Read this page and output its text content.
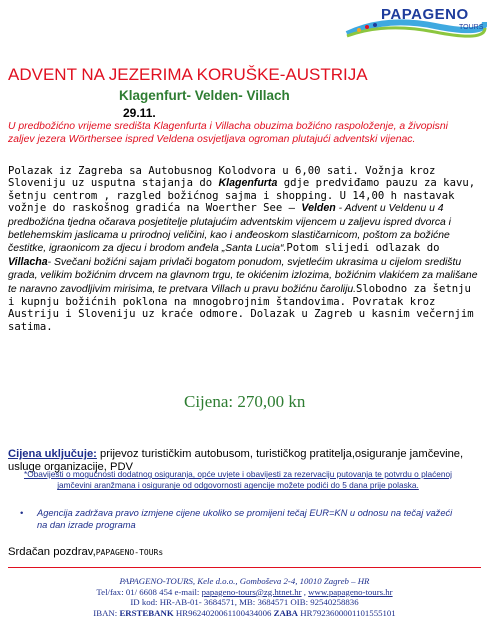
PAPAGENO
TOURS
ADVENT NA JEZERIMA KORUŠKE-AUSTRIJA
Klagenfurt- Velden- Villach
29.11.
U predbožićno vrijeme središta Klagenfurta i Villacha obuzima božićno raspoloženje, a živopisni zaljev jezera Wörthersee ispred Veldena osvjetljava ogroman plutajući adventski vijenac.

Polazak iz Zagreba sa Autobusnog Kolodvora u 6,00 sati. Vožnja kroz Sloveniju uz usputna stajanja do Klagenfurta gdje predviđamo pauzu za kavu, šetnju centrom , razgled božićnog sajma i shopping. U 14,00 h nastavak vožnje do raskošnog gradića na Woerther See – Velden - Advent u Veldenu u 4 predbožićna tjedna očarava posjetitelje plutajućim adventskim vijencem u zaljevu ispred dvorca i betlehemskim jaslicama u prirodnoj veličini, kao i anđeoskom slastičarnicom, poštom za božićne čestitke, igraonicom za djecu i brodom anđela „Santa Lucia“.Potom slijedi odlazak do Villacha- Svečani božićni sajam privlači bogatom ponudom, svjetlećim ukrasima u cijelom središtu grada, velikim božićnim drvcem na glavnom trgu, te okićenim izlozima, božićnim vlakićem za mališane te naravno zavodljivim mirisima, te pretvara Villach u pravu božićnu čaroliju.Slobodno za šetnju i kupnju božićnih poklona na mnogobrojnim štandovima. Povratak kroz Austriju i Sloveniju uz kraće odmore. Dolazak u Zagreb u kasnim večernjim satima.

Cijena: 270,00 kn
Cijena uključuje: prijevoz turističkim autobusom, turističkog pratitelja,osiguranje jamčevine, usluge organizacije, PDV
*Obavijesti o mogućnosti dodatnog osiguranja, opće uvjete i obavijesti za rezervaciju putovanja te potvrdu o plaćenoj jamčevini aranžmana i osiguranje od odgovornosti agencije možete podići do 5 dana prije polaska.
• Agencija zadržava pravo izmjene cijene ukoliko se promijeni tečaj EUR=KN u odnosu na tečaj važeći na dan izrade programa
Srdačan pozdrav,PAPAGENO-TOURs
PAPAGENO-TOURS, Kele d.o.o., Gomboševa 2-4, 10010 Zagreb – HR
Tel/fax: 01/ 6608 454 e-mail: papageno-tours@zg.htnet.hr , www.papageno-tours.hr
ID kod: HR-AB-01- 3684571, MB: 3684571 OIB: 92540258836
IBAN: ERSTEBANK HR9624020061100434006 ZABA HR7923600001101555101
